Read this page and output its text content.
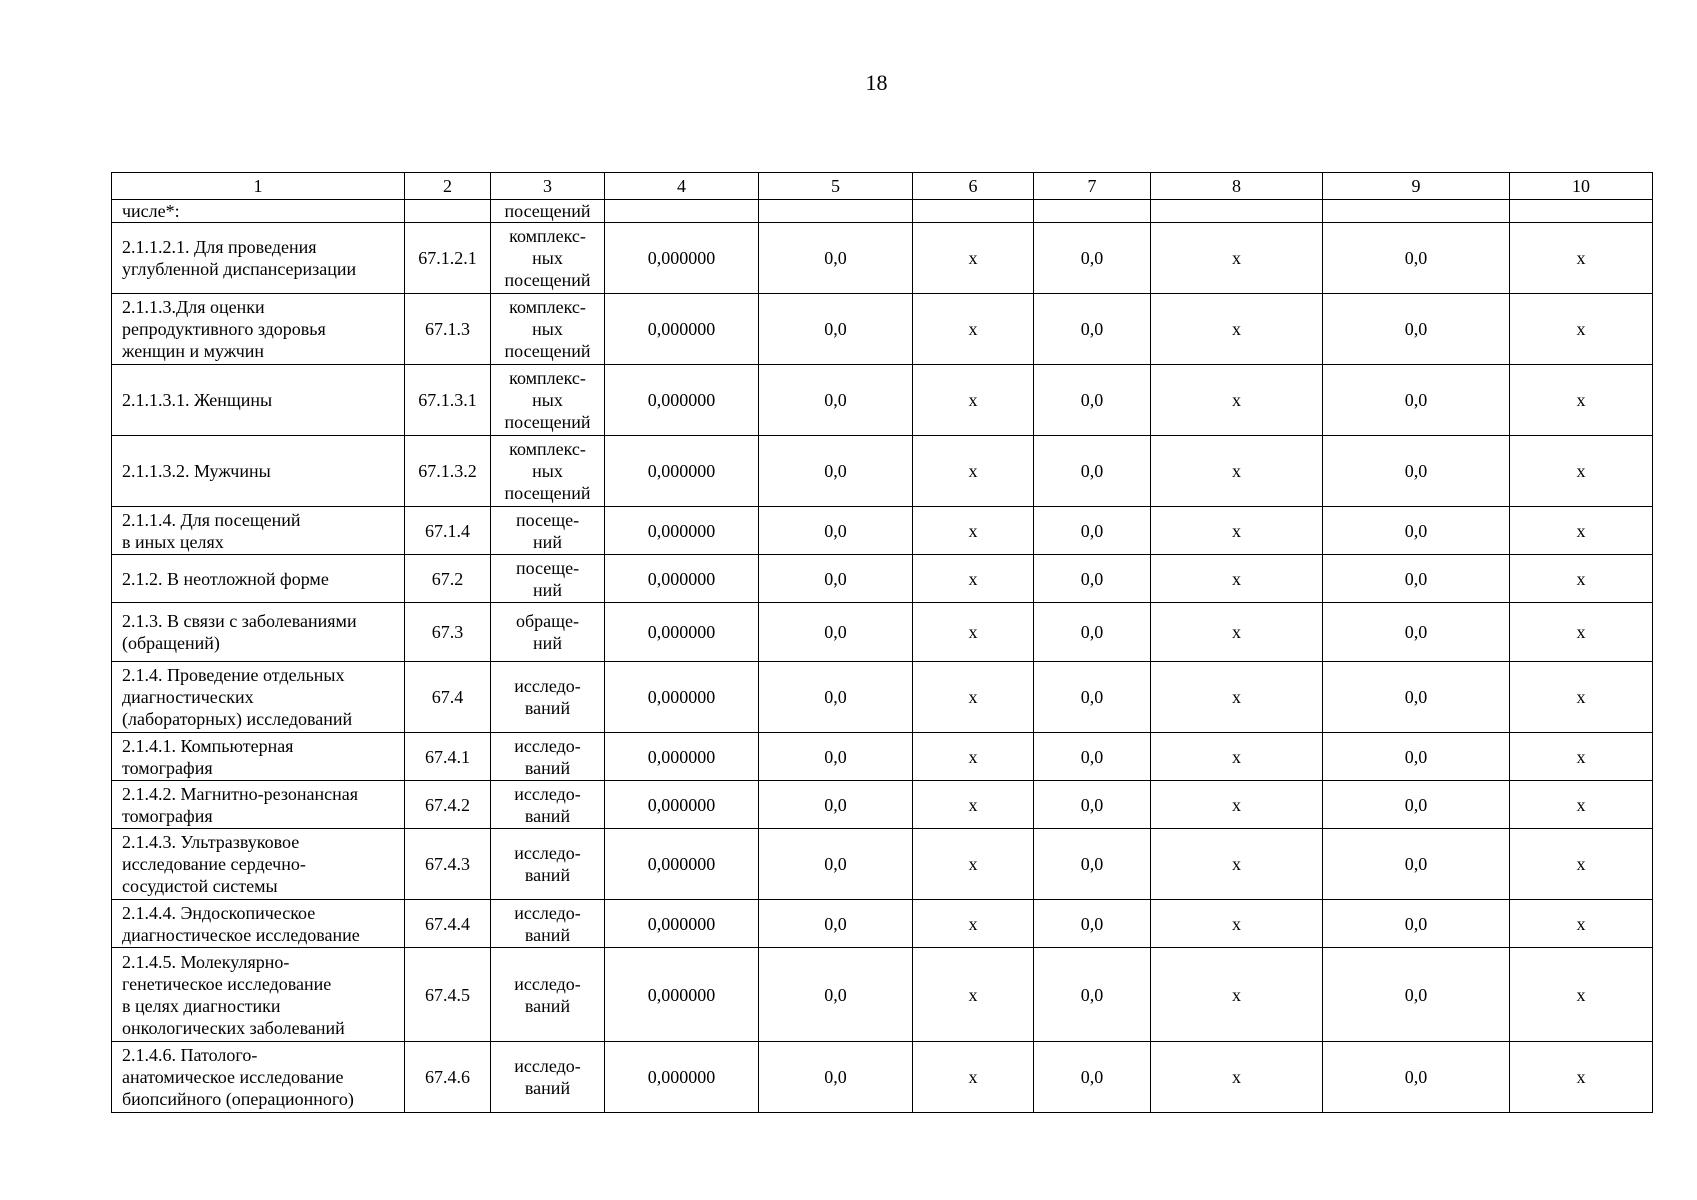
18
1	2	3	4	5	6	7	8	9	10
числе*:		посещений							
2.1.1.2.1. Для проведения
углубленной диспансеризации	67.1.2.1	комплекс-
ных
посещений	0,000000	0,0	х	0,0	х	0,0	х
2.1.1.3.Для оценки
репродуктивного здоровья
женщин и мужчин	67.1.3	комплекс-
ных
посещений	0,000000	0,0	х	0,0	х	0,0	х
2.1.1.3.1. Женщины	67.1.3.1	комплекс-
ных
посещений	0,000000	0,0	х	0,0	х	0,0	х
2.1.1.3.2. Мужчины	67.1.3.2	комплекс-
ных
посещений	0,000000	0,0	х	0,0	х	0,0	х
2.1.1.4. Для посещений
в иных целях	67.1.4	посеще-
ний	0,000000	0,0	х	0,0	х	0,0	х
2.1.2. В неотложной форме	67.2	посеще-
ний	0,000000	0,0	х	0,0	х	0,0	х
2.1.3. В связи с заболеваниями
(обращений)	67.3	обраще-
ний	0,000000	0,0	х	0,0	х	0,0	х
2.1.4. Проведение отдельных
диагностических
(лабораторных) исследований	67.4	исследо-
ваний	0,000000	0,0	х	0,0	х	0,0	х
2.1.4.1. Компьютерная
томография	67.4.1	исследо-
ваний	0,000000	0,0	х	0,0	х	0,0	х
2.1.4.2. Магнитно-резонансная
томография	67.4.2	исследо-
ваний	0,000000	0,0	х	0,0	х	0,0	х
2.1.4.3. Ультразвуковое
исследование сердечно-
сосудистой системы	67.4.3	исследо-
ваний	0,000000	0,0	х	0,0	х	0,0	х
2.1.4.4. Эндоскопическое
диагностическое исследование	67.4.4	исследо-
ваний	0,000000	0,0	х	0,0	х	0,0	х
2.1.4.5. Молекулярно-
генетическое исследование
в целях диагностики
онкологических заболеваний	67.4.5	исследо-
ваний	0,000000	0,0	х	0,0	х	0,0	х
2.1.4.6. Патолого-
анатомическое исследование
биопсийного (операционного)	67.4.6	исследо-
ваний	0,000000	0,0	х	0,0	х	0,0	х
